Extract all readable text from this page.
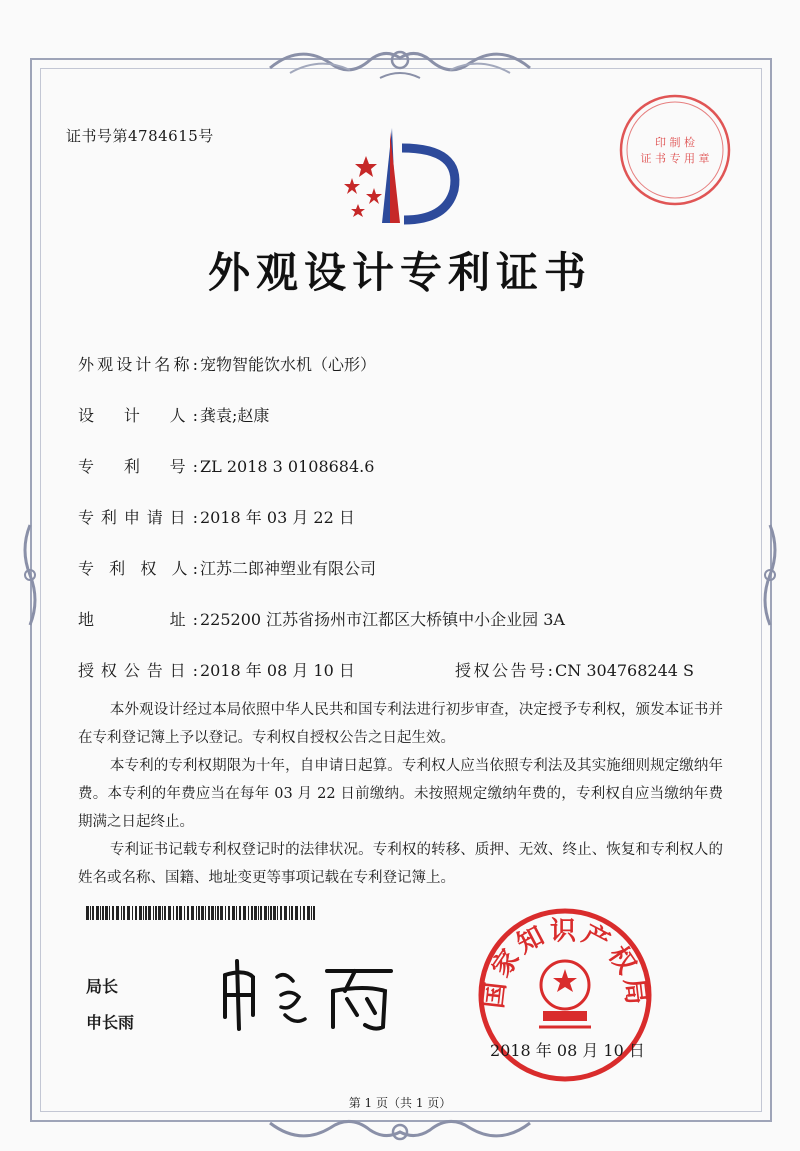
证书号第4784615号	印 制 检
证 书 专 用 章
外观设计专利证书
外观设计名称: 宠物智能饮水机（心形）
设　计　人: 龚袁;赵康
专　利　号: ZL 2018 3 0108684.6
专利申请日: 2018 年 03 月 22 日
专 利 权 人: 江苏二郎神塑业有限公司
地　　　址: 225200 江苏省扬州市江都区大桥镇中小企业园 3A
授权公告日: 2018 年 08 月 10 日	授权公告号: CN 304768244 S

本外观设计经过本局依照中华人民共和国专利法进行初步审查，决定授予专利权，颁发本证书并在专利登记簿上予以登记。专利权自授权公告之日起生效。

本专利的专利权期限为十年，自申请日起算。专利权人应当依照专利法及其实施细则规定缴纳年费。本专利的年费应当在每年 03 月 22 日前缴纳。未按照规定缴纳年费的，专利权自应当缴纳年费期满之日起终止。

专利证书记载专利权登记时的法律状况。专利权的转移、质押、无效、终止、恢复和专利权人的姓名或名称、国籍、地址变更等事项记载在专利登记簿上。

局长
申长雨
国家知识产权局
2018 年 08 月 10 日
第 1 页（共 1 页）
